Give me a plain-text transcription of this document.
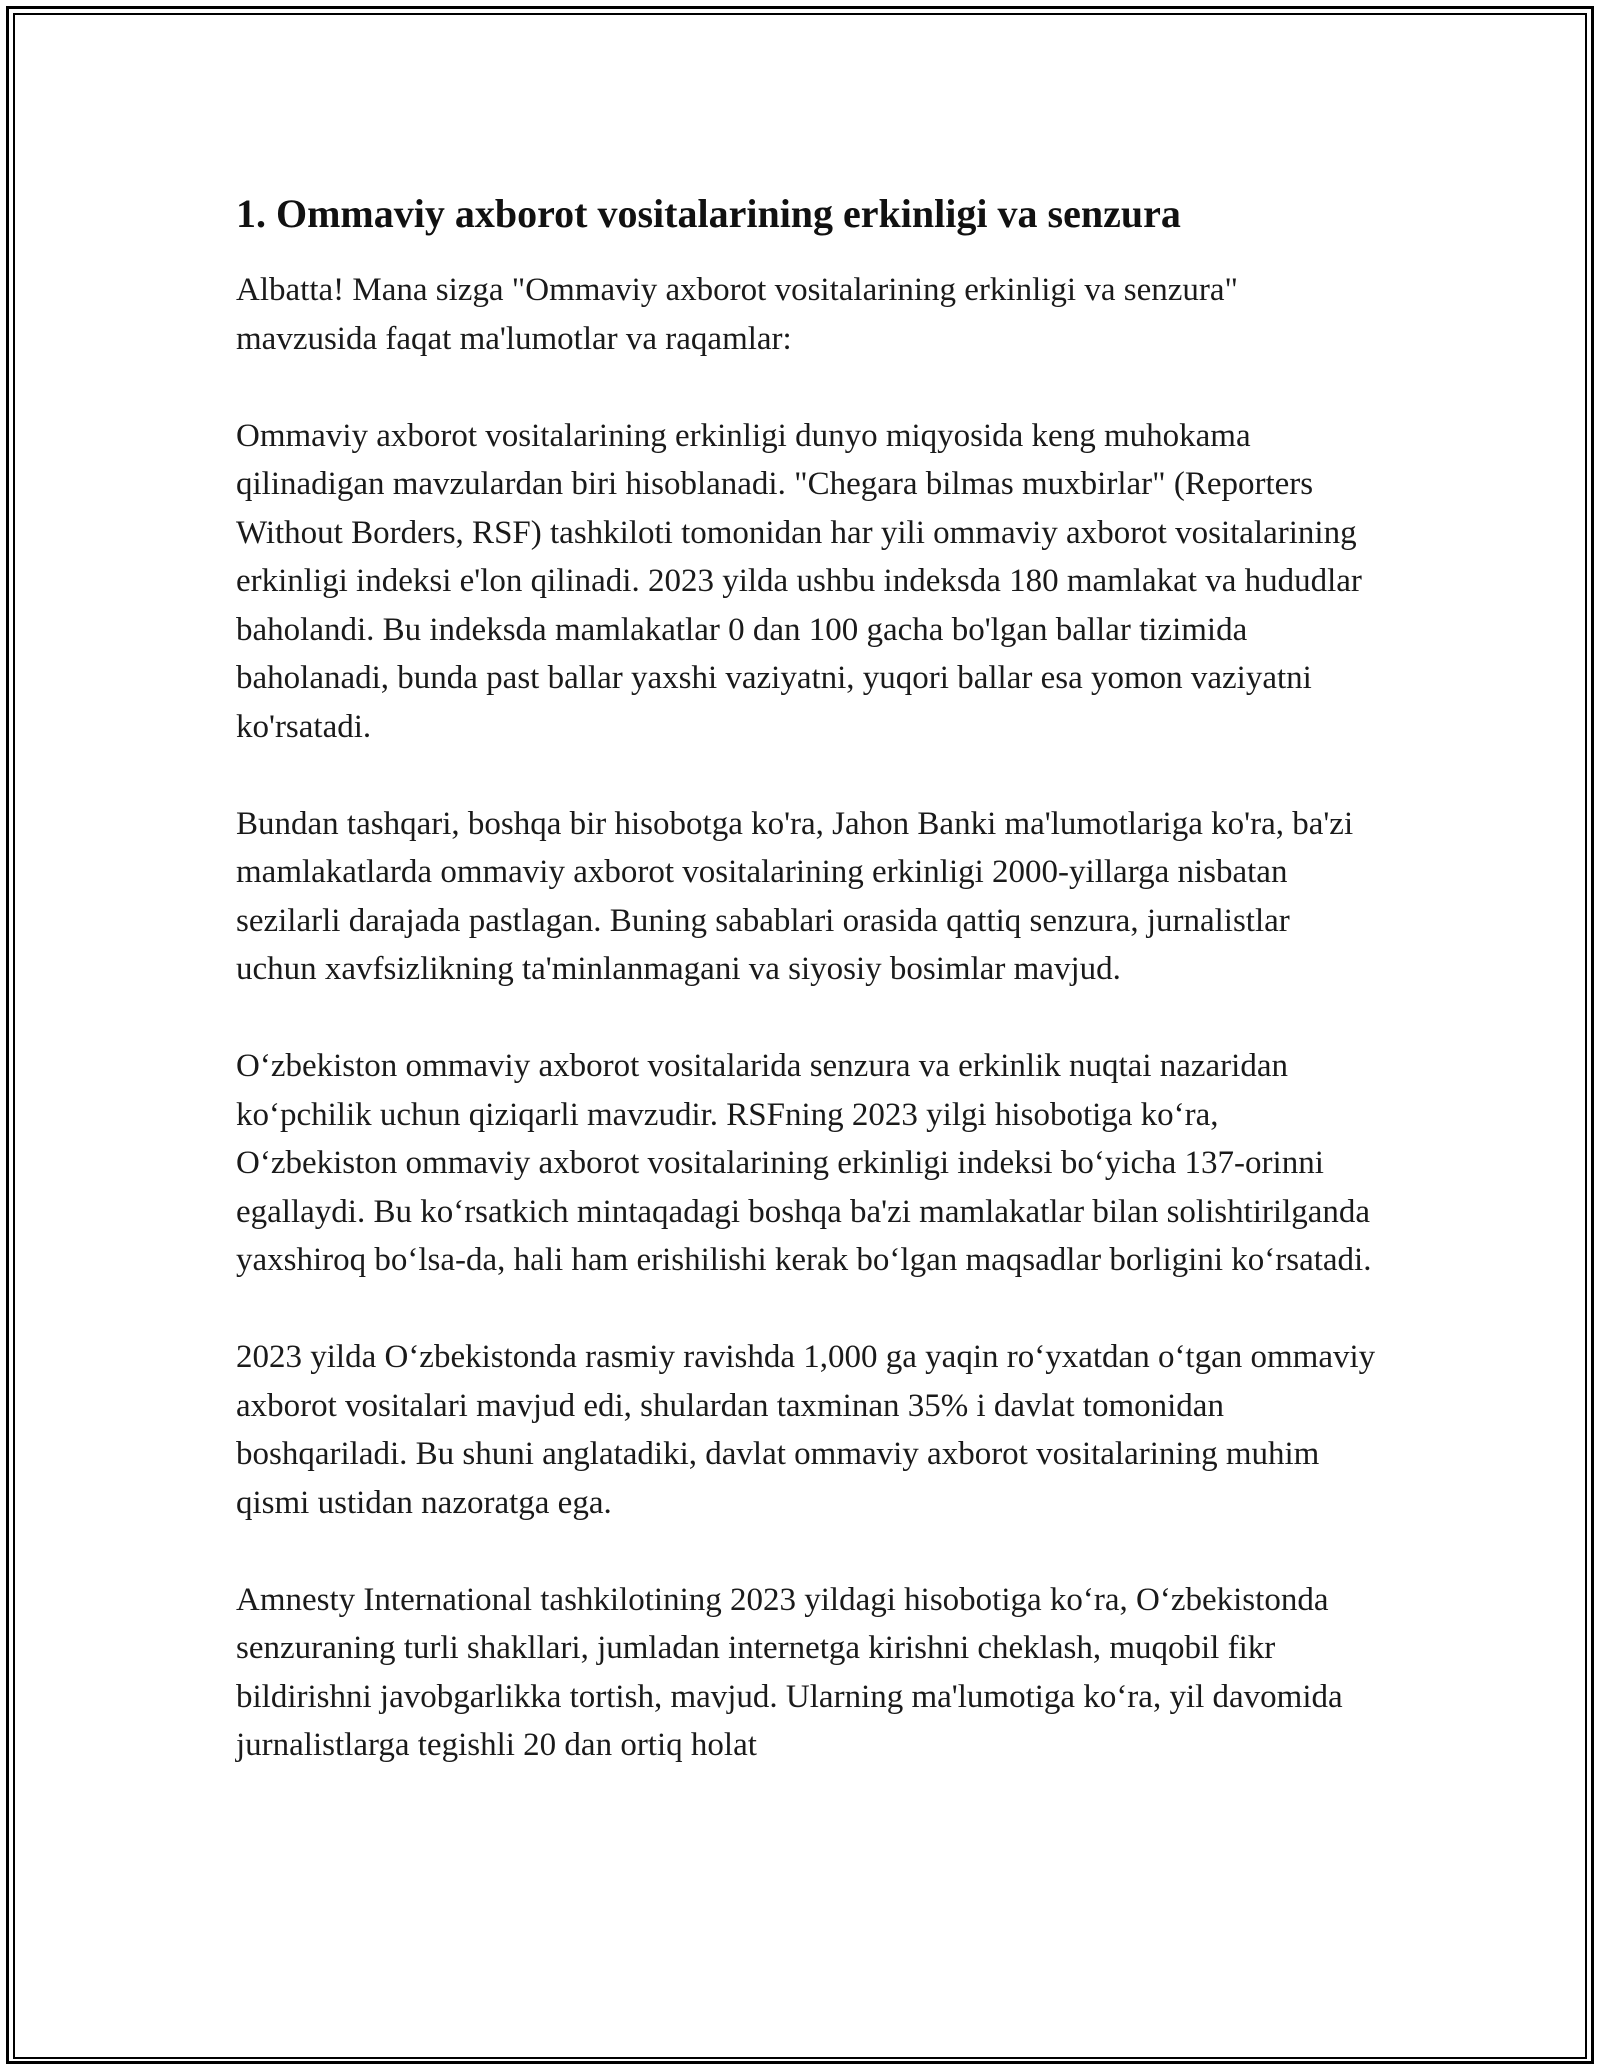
1. Ommaviy axborot vositalarining erkinligi va senzura

Albatta! Mana sizga "Ommaviy axborot vositalarining erkinligi va senzura" mavzusida faqat ma'lumotlar va raqamlar:

Ommaviy axborot vositalarining erkinligi dunyo miqyosida keng muhokama qilinadigan mavzulardan biri hisoblanadi. "Chegara bilmas muxbirlar" (Reporters Without Borders, RSF) tashkiloti tomonidan har yili ommaviy axborot vositalarining erkinligi indeksi e'lon qilinadi. 2023 yilda ushbu indeksda 180 mamlakat va hududlar baholandi. Bu indeksda mamlakatlar 0 dan 100 gacha bo'lgan ballar tizimida baholanadi, bunda past ballar yaxshi vaziyatni, yuqori ballar esa yomon vaziyatni ko'rsatadi.

Bundan tashqari, boshqa bir hisobotga ko'ra, Jahon Banki ma'lumotlariga ko'ra, ba'zi mamlakatlarda ommaviy axborot vositalarining erkinligi 2000-yillarga nisbatan sezilarli darajada pastlagan. Buning sabablari orasida qattiq senzura, jurnalistlar uchun xavfsizlikning ta'minlanmagani va siyosiy bosimlar mavjud.

Oʻzbekiston ommaviy axborot vositalarida senzura va erkinlik nuqtai nazaridan koʻpchilik uchun qiziqarli mavzudir. RSFning 2023 yilgi hisobotiga koʻra, Oʻzbekiston ommaviy axborot vositalarining erkinligi indeksi boʻyicha 137-orinni egallaydi. Bu koʻrsatkich mintaqadagi boshqa ba'zi mamlakatlar bilan solishtirilganda yaxshiroq boʻlsa-da, hali ham erishilishi kerak boʻlgan maqsadlar borligini koʻrsatadi.

2023 yilda Oʻzbekistonda rasmiy ravishda 1,000 ga yaqin roʻyxatdan oʻtgan ommaviy axborot vositalari mavjud edi, shulardan taxminan 35% i davlat tomonidan boshqariladi. Bu shuni anglatadiki, davlat ommaviy axborot vositalarining muhim qismi ustidan nazoratga ega.

Amnesty International tashkilotining 2023 yildagi hisobotiga koʻra, Oʻzbekistonda senzuraning turli shakllari, jumladan internetga kirishni cheklash, muqobil fikr bildirishni javobgarlikka tortish, mavjud. Ularning ma'lumotiga koʻra, yil davomida jurnalistlarga tegishli 20 dan ortiq holat
